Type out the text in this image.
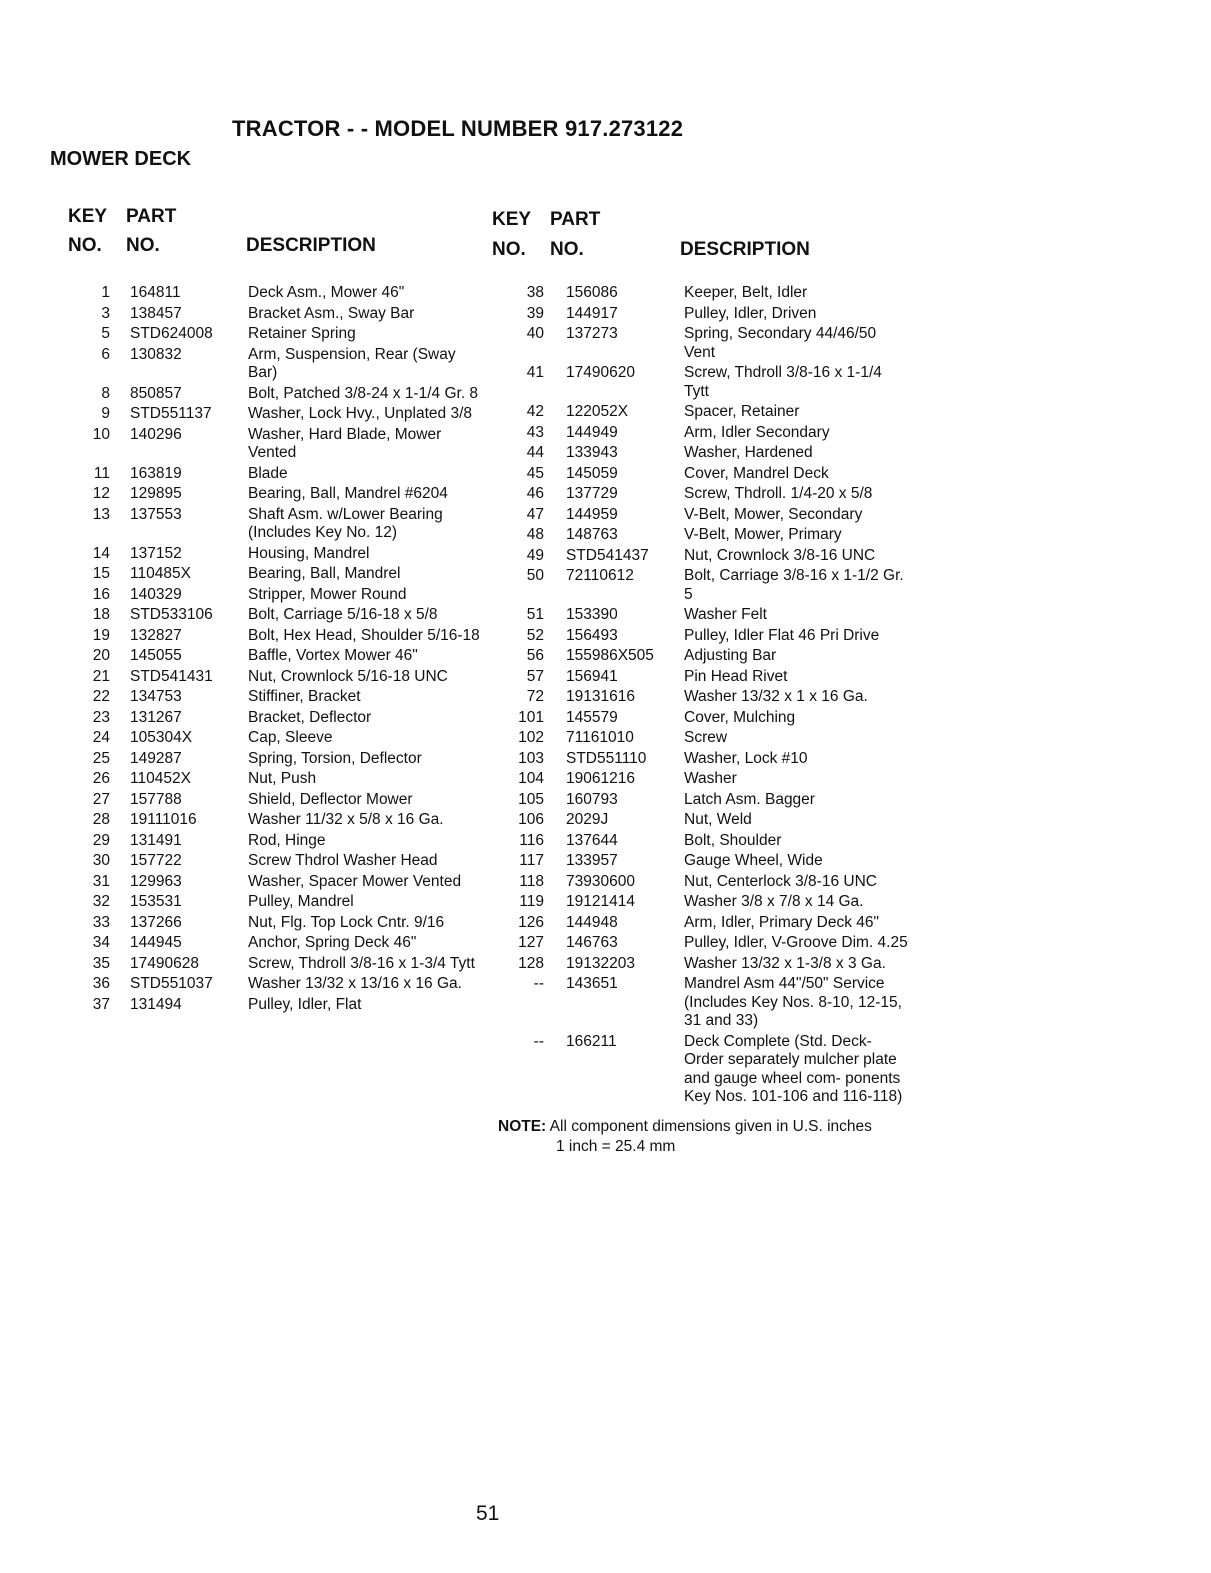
TRACTOR - - MODEL NUMBER 917.273122
MOWER DECK
KEY PART
NO. NO.	DESCRIPTION
1	164811	Deck Asm., Mower 46"
3	138457	Bracket Asm., Sway Bar
5	STD624008	Retainer Spring
6	130832	Arm, Suspension, Rear (Sway Bar)
8	850857	Bolt, Patched 3/8-24 x 1-1/4 Gr. 8
9	STD551137	Washer, Lock Hvy., Unplated 3/8
10	140296	Washer, Hard Blade, Mower Vented
11	163819	Blade
12	129895	Bearing, Ball, Mandrel #6204
13	137553	Shaft Asm. w/Lower Bearing (Includes Key No. 12)
14	137152	Housing, Mandrel
15	110485X	Bearing, Ball, Mandrel
16	140329	Stripper, Mower Round
18	STD533106	Bolt, Carriage 5/16-18 x 5/8
19	132827	Bolt, Hex Head, Shoulder 5/16-18
20	145055	Baffle, Vortex Mower 46"
21	STD541431	Nut, Crownlock 5/16-18 UNC
22	134753	Stiffiner, Bracket
23	131267	Bracket, Deflector
24	105304X	Cap, Sleeve
25	149287	Spring, Torsion, Deflector
26	110452X	Nut, Push
27	157788	Shield, Deflector Mower
28	19111016	Washer 11/32 x 5/8 x 16 Ga.
29	131491	Rod, Hinge
30	157722	Screw Thdrol Washer Head
31	129963	Washer, Spacer Mower Vented
32	153531	Pulley, Mandrel
33	137266	Nut, Flg. Top Lock Cntr. 9/16
34	144945	Anchor, Spring Deck 46"
35	17490628	Screw, Thdroll 3/8-16 x 1-3/4 Tytt
36	STD551037	Washer 13/32 x 13/16 x 16 Ga.
37	131494	Pulley, Idler, Flat
KEY PART
NO. NO.	DESCRIPTION
38	156086	Keeper, Belt, Idler
39	144917	Pulley, Idler, Driven
40	137273	Spring, Secondary 44/46/50 Vent
41	17490620	Screw, Thdroll 3/8-16 x 1-1/4 Tytt
42	122052X	Spacer, Retainer
43	144949	Arm, Idler Secondary
44	133943	Washer, Hardened
45	145059	Cover, Mandrel Deck
46	137729	Screw, Thdroll. 1/4-20 x 5/8
47	144959	V-Belt, Mower, Secondary
48	148763	V-Belt, Mower, Primary
49	STD541437	Nut, Crownlock 3/8-16 UNC
50	72110612	Bolt, Carriage 3/8-16 x 1-1/2 Gr. 5
51	153390	Washer Felt
52	156493	Pulley, Idler Flat 46 Pri Drive
56	155986X505	Adjusting Bar
57	156941	Pin Head Rivet
72	19131616	Washer 13/32 x 1 x 16 Ga.
101	145579	Cover, Mulching
102	71161010	Screw
103	STD551110	Washer, Lock #10
104	19061216	Washer
105	160793	Latch Asm. Bagger
106	2029J	Nut, Weld
116	137644	Bolt, Shoulder
117	133957	Gauge Wheel, Wide
118	73930600	Nut, Centerlock 3/8-16 UNC
119	19121414	Washer 3/8 x 7/8 x 14 Ga.
126	144948	Arm, Idler, Primary Deck 46"
127	146763	Pulley, Idler, V-Groove Dim. 4.25
128	19132203	Washer 13/32 x 1-3/8 x 3 Ga.
--	143651	Mandrel Asm 44"/50" Service (Includes Key Nos. 8-10, 12-15, 31 and 33)
--	166211	Deck Complete (Std. Deck- Order separately mulcher plate and gauge wheel com- ponents Key Nos. 101-106 and 116-118)
NOTE: All component dimensions given in U.S. inches
1 inch = 25.4 mm
51
